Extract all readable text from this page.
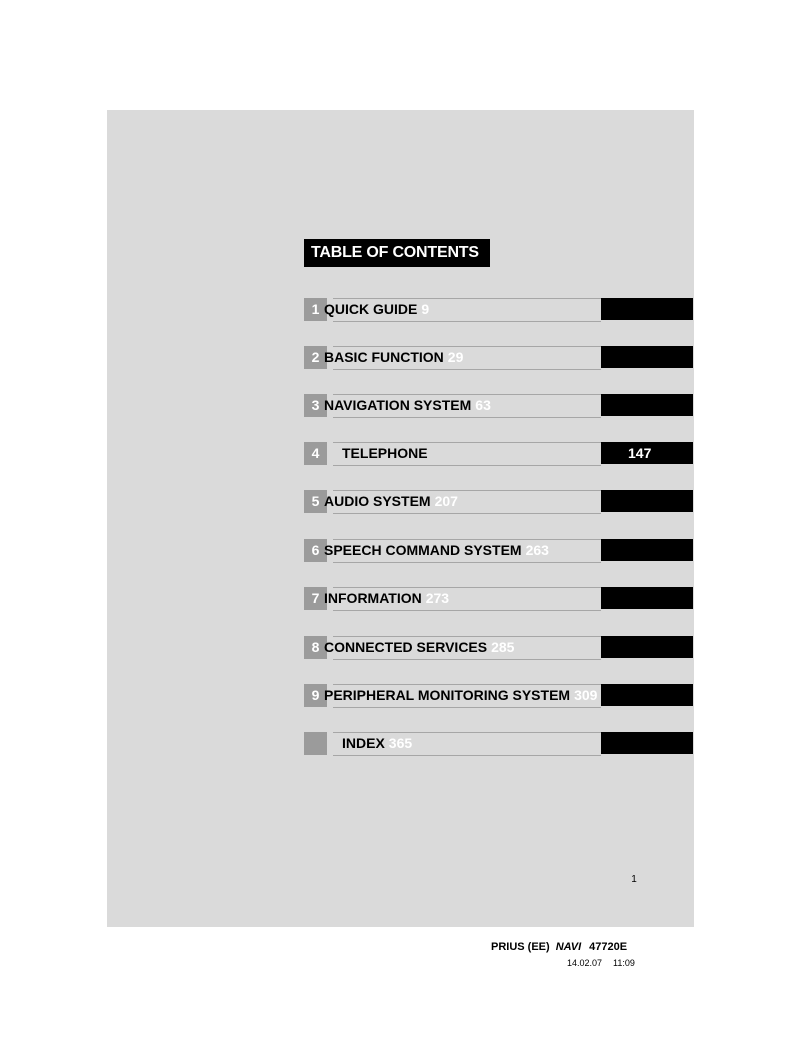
TABLE OF CONTENTS
1 QUICK GUIDE 9
2 BASIC FUNCTION 29
3 NAVIGATION SYSTEM 63
4	TELEPHONE	147
5 AUDIO SYSTEM 207
6 SPEECH COMMAND SYSTEM 263
7 INFORMATION 273
8 CONNECTED SERVICES 285
9 PERIPHERAL MONITORING SYSTEM 309
INDEX 365
1
PRIUS (EE) NAVI 47720E
14.02.07 11:09
